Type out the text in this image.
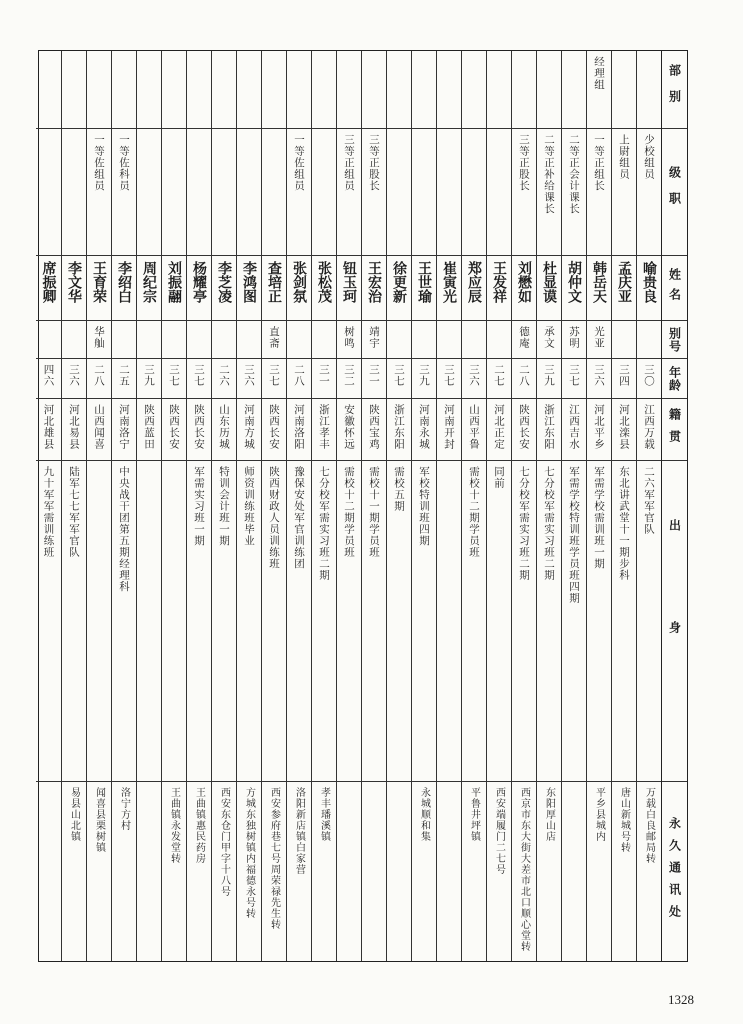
部别
级职
姓名
别号
年龄
籍贯
出身
永久通讯处
少校组员
喻贵良
三〇
江西万载
二六军军官队
万载白良邮局转
上尉组员
孟庆亚
三四
河北滦县
东北讲武堂十一期步科
唐山新城号转
经理组
一等正组长
韩岳天
光亚
三六
河北平乡
军需学校需训班一期
平乡县城内
二等正会计课长
胡仲文
苏明
三七
江西吉水
军需学校特训班学员班四期
二等正补给课长
杜显谟
承文
三九
浙江东阳
七分校军需实习班二期
东阳厚山店
三等正股长
刘懋如
德庵
二八
陕西长安
七分校军需实习班二期
西京市东大街大差市北口顺心堂转
王发祥
二七
河北正定
同前
西安端履门二七号
郑应辰
三六
山西平鲁
需校十二期学员班
平鲁井坪镇
崔寅光
三七
河南开封
王世瑜
三九
河南永城
军校特训班四期
永城顺和集
徐更新
三七
浙江东阳
需校五期
三等正股长
王宏治
靖宇
三一
陕西宝鸡
需校十一期学员班
三等正组员
钮玉珂
树鸣
三二
安徽怀远
需校十二期学员班
张松茂
三一
浙江孝丰
七分校军需实习班二期
孝丰璠溪镇
一等佐组员
张剑氛
二八
河南洛阳
豫保安处军官训练团
洛阳新店镇白家营
查培正
直斋
三七
陕西长安
陕西财政人员训练班
西安参府巷七号周荣禄先生转
李鸿图
三六
河南方城
师资训练班毕业
方城东独树镇内福德永号转
李芝凌
二六
山东历城
特训会计班一期
西安东仓门甲字十八号
杨耀亭
三七
陕西长安
军需实习班一期
王曲镇惠民药房
刘振翮
三七
陕西长安
王曲镇永发堂转
周纪宗
三九
陕西蓝田
一等佐科员
李绍白
二五
河南洛宁
中央战干团第五期经理科
洛宁方村
一等佐组员
王育荣
华舢
二八
山西闻喜
闻喜县栗树镇
李文华
三六
河北易县
陆军七七军军官队
易县山北镇
席振卿
四六
河北雄县
九十军军需训练班
1328
